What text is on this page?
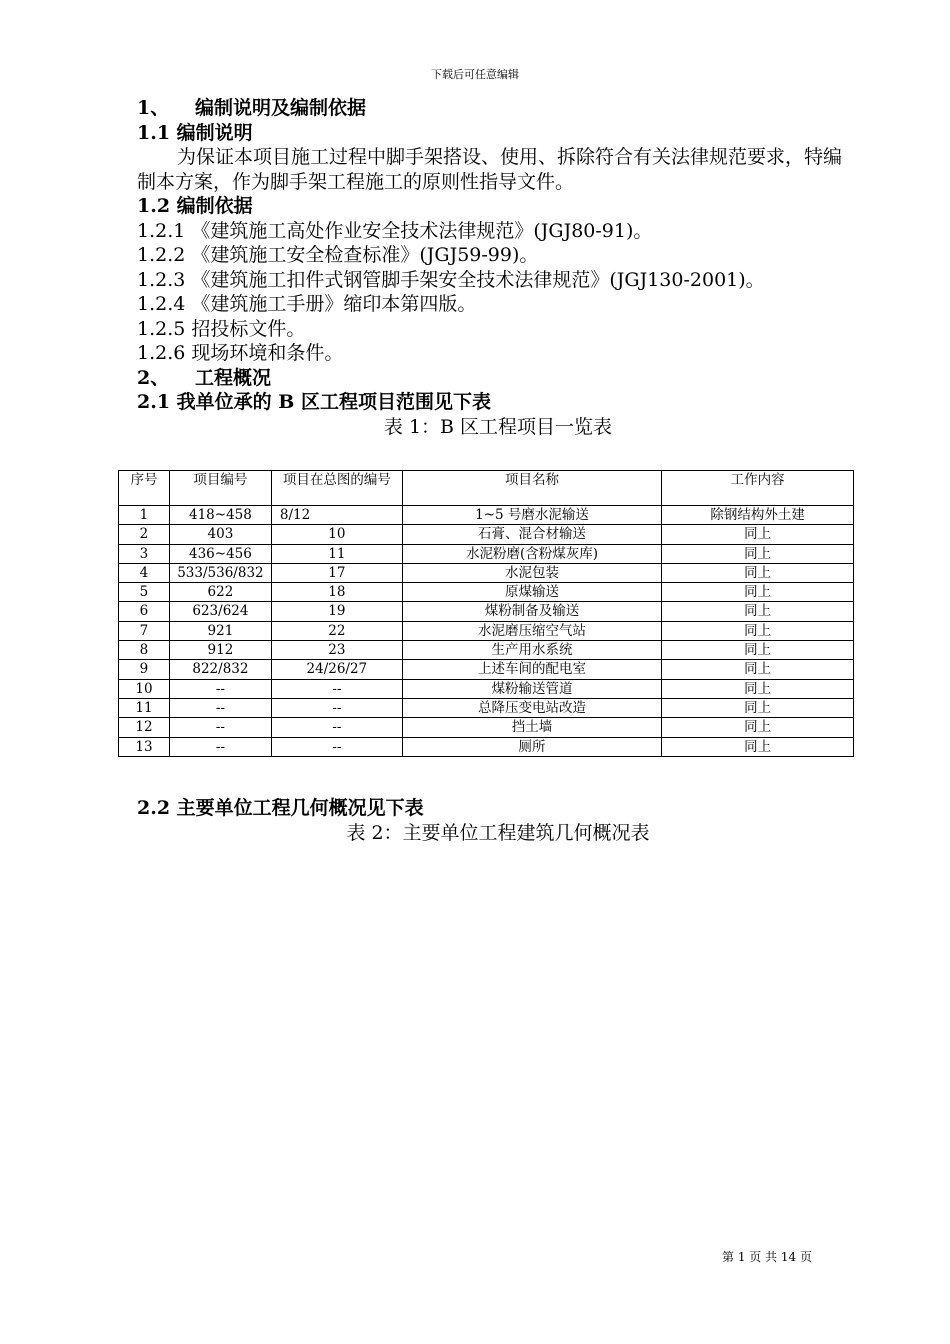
下载后可任意编辑
1、 编制说明及编制依据
1.1 编制说明
为保证本项目施工过程中脚手架搭设、使用、拆除符合有关法律规范要求，特编制本方案，作为脚手架工程施工的原则性指导文件。
1.2 编制依据
1.2.1 《建筑施工高处作业安全技术法律规范》(JGJ80-91)。
1.2.2 《建筑施工安全检查标准》(JGJ59-99)。
1.2.3 《建筑施工扣件式钢管脚手架安全技术法律规范》(JGJ130-2001)。
1.2.4 《建筑施工手册》缩印本第四版。
1.2.5 招投标文件。
1.2.6 现场环境和条件。
2、 工程概况
2.1 我单位承的 B 区工程项目范围见下表
表 1：B 区工程项目一览表
序号	项目编号	项目在总图的编号	项目名称	工作内容
1	418~458	8/12	1~5 号磨水泥输送	除钢结构外土建
2	403	10	石膏、混合材输送	同上
3	436~456	11	水泥粉磨(含粉煤灰库)	同上
4	533/536/832	17	水泥包装	同上
5	622	18	原煤输送	同上
6	623/624	19	煤粉制备及输送	同上
7	921	22	水泥磨压缩空气站	同上
8	912	23	生产用水系统	同上
9	822/832	24/26/27	上述车间的配电室	同上
10	--	--	煤粉输送管道	同上
11	--	--	总降压变电站改造	同上
12	--	--	挡土墙	同上
13	--	--	厕所	同上
2.2 主要单位工程几何概况见下表
表 2：主要单位工程建筑几何概况表
第 1 页 共 14 页
